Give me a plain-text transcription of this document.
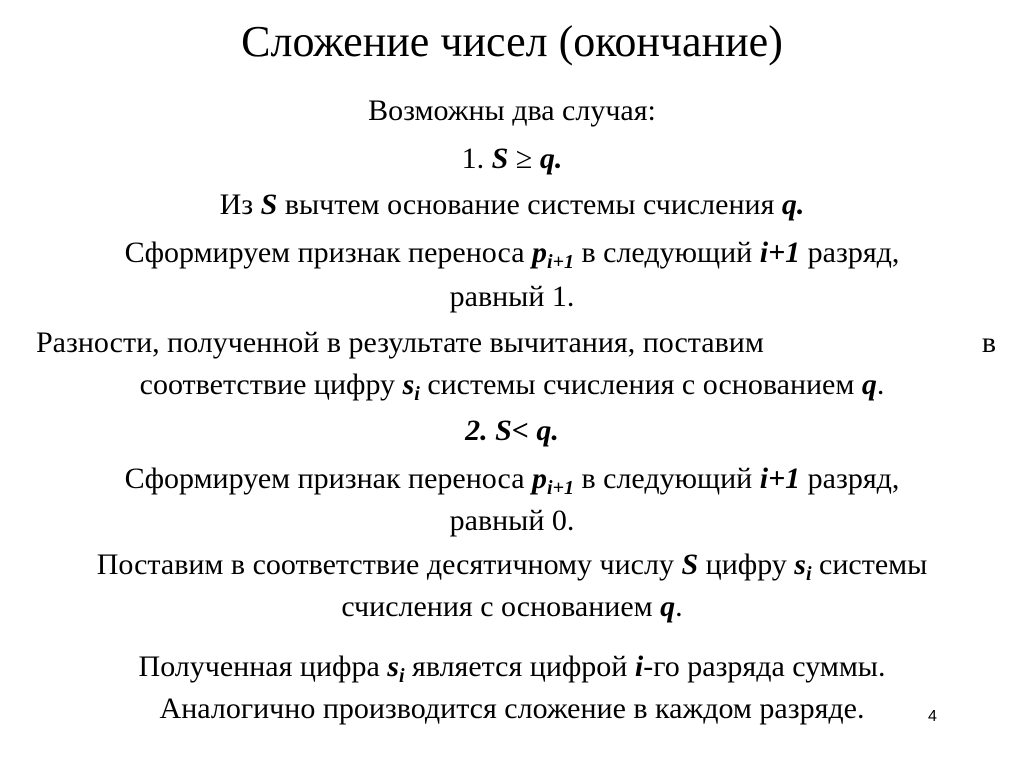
Сложение чисел (окончание)
Возможны два случая:
1. S ≥ q.
Из S вычтем основание системы счисления q.
Сформируем признак переноса $p_{i+1}$ в следующий i+1 разряд,
равный 1.
Разности, полученной в результате вычитания, поставим	в
соответствие цифру $s_i$ системы счисления с основанием q.
2. S< q.
Сформируем признак переноса $p_{i+1}$ в следующий i+1 разряд,
равный 0.
Поставим в соответствие десятичному числу S цифру $s_i$ системы
счисления с основанием q.
Полученная цифра $s_i$ является цифрой i-го разряда суммы.
Аналогично производится сложение в каждом разряде.	4
